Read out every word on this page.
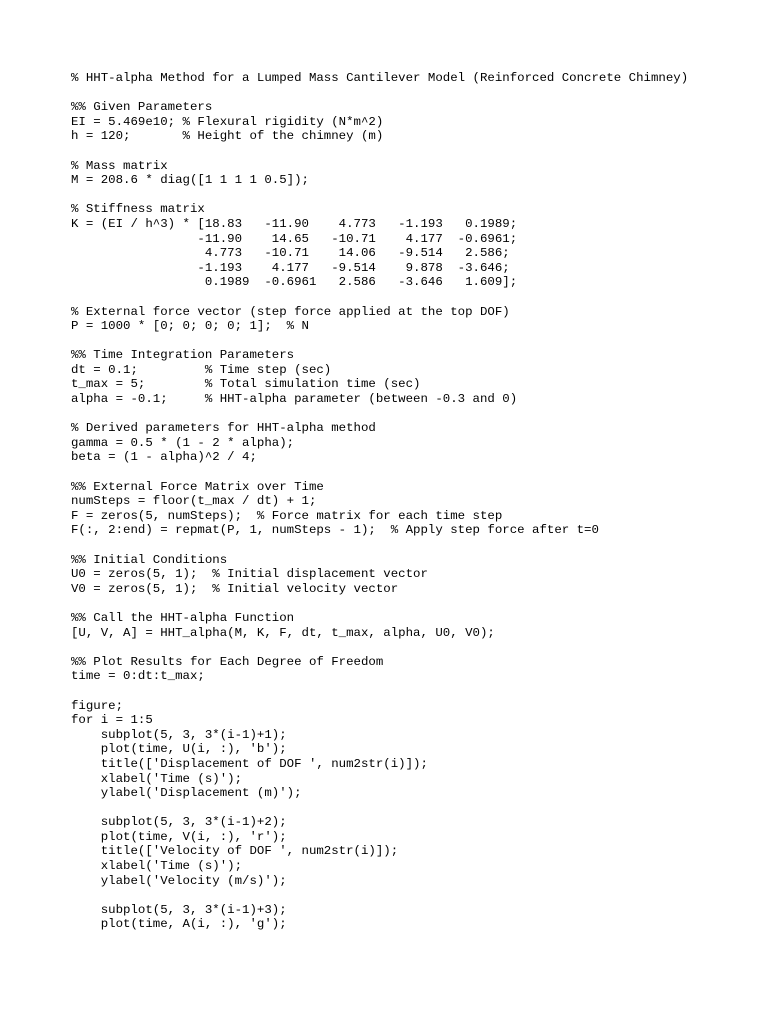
% HHT-alpha Method for a Lumped Mass Cantilever Model (Reinforced Concrete Chimney)
%% Given Parameters
EI = 5.469e10; % Flexural rigidity (N*m^2)
h = 120;       % Height of the chimney (m)
% Mass matrix
M = 208.6 * diag([1 1 1 1 0.5]);
% Stiffness matrix
K = (EI / h^3) * [18.83   -11.90    4.773   -1.193   0.1989;
-11.90    14.65   -10.71    4.177  -0.6961;
4.773   -10.71    14.06   -9.514   2.586;
-1.193    4.177   -9.514    9.878  -3.646;
0.1989  -0.6961   2.586   -3.646   1.609];
% External force vector (step force applied at the top DOF)
P = 1000 * [0; 0; 0; 0; 1];  % N
%% Time Integration Parameters
dt = 0.1;         % Time step (sec)
t_max = 5;        % Total simulation time (sec)
alpha = -0.1;     % HHT-alpha parameter (between -0.3 and 0)
% Derived parameters for HHT-alpha method
gamma = 0.5 * (1 - 2 * alpha);
beta = (1 - alpha)^2 / 4;
%% External Force Matrix over Time
numSteps = floor(t_max / dt) + 1;
F = zeros(5, numSteps);  % Force matrix for each time step
F(:, 2:end) = repmat(P, 1, numSteps - 1);  % Apply step force after t=0
%% Initial Conditions
U0 = zeros(5, 1);  % Initial displacement vector
V0 = zeros(5, 1);  % Initial velocity vector
%% Call the HHT-alpha Function
[U, V, A] = HHT_alpha(M, K, F, dt, t_max, alpha, U0, V0);
%% Plot Results for Each Degree of Freedom
time = 0:dt:t_max;
figure;
for i = 1:5
subplot(5, 3, 3*(i-1)+1);
plot(time, U(i, :), 'b');
title(['Displacement of DOF ', num2str(i)]);
xlabel('Time (s)');
ylabel('Displacement (m)');
subplot(5, 3, 3*(i-1)+2);
plot(time, V(i, :), 'r');
title(['Velocity of DOF ', num2str(i)]);
xlabel('Time (s)');
ylabel('Velocity (m/s)');
subplot(5, 3, 3*(i-1)+3);
plot(time, A(i, :), 'g');
